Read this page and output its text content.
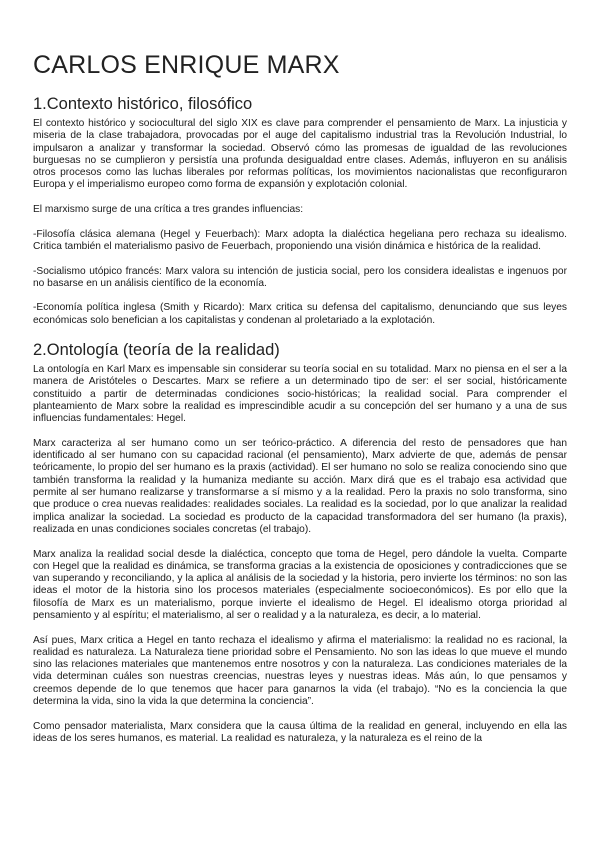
CARLOS ENRIQUE MARX
1.Contexto histórico, filosófico

El contexto histórico y sociocultural del siglo XIX es clave para comprender el pensamiento de Marx. La injusticia y miseria de la clase trabajadora, provocadas por el auge del capitalismo industrial tras la Revolución Industrial, lo impulsaron a analizar y transformar la sociedad. Observó cómo las promesas de igualdad de las revoluciones burguesas no se cumplieron y persistía una profunda desigualdad entre clases. Además, influyeron en su análisis otros procesos como las luchas liberales por reformas políticas, los movimientos nacionalistas que reconfiguraron Europa y el imperialismo europeo como forma de expansión y explotación colonial.

El marxismo surge de una crítica a tres grandes influencias:

-Filosofía clásica alemana (Hegel y Feuerbach): Marx adopta la dialéctica hegeliana pero rechaza su idealismo. Critica también el materialismo pasivo de Feuerbach, proponiendo una visión dinámica e histórica de la realidad.

-Socialismo utópico francés: Marx valora su intención de justicia social, pero los considera idealistas e ingenuos por no basarse en un análisis científico de la economía.

-Economía política inglesa (Smith y Ricardo): Marx critica su defensa del capitalismo, denunciando que sus leyes económicas solo benefician a los capitalistas y condenan al proletariado a la explotación.

2.Ontología (teoría de la realidad)

La ontología en Karl Marx es impensable sin considerar su teoría social en su totalidad. Marx no piensa en el ser a la manera de Aristóteles o Descartes. Marx se refiere a un determinado tipo de ser: el ser social, históricamente constituido a partir de determinadas condiciones socio-históricas; la realidad social. Para comprender el planteamiento de Marx sobre la realidad es imprescindible acudir a su concepción del ser humano y a una de sus influencias fundamentales: Hegel.

Marx caracteriza al ser humano como un ser teórico-práctico. A diferencia del resto de pensadores que han identificado al ser humano con su capacidad racional (el pensamiento), Marx advierte de que, además de pensar teóricamente, lo propio del ser humano es la praxis (actividad). El ser humano no solo se realiza conociendo sino que también transforma la realidad y la humaniza mediante su acción. Marx dirá que es el trabajo esa actividad que permite al ser humano realizarse y transformarse a sí mismo y a la realidad. Pero la praxis no solo transforma, sino que produce o crea nuevas realidades: realidades sociales. La realidad es la sociedad, por lo que analizar la realidad implica analizar la sociedad. La sociedad es producto de la capacidad transformadora del ser humano (la praxis), realizada en unas condiciones sociales concretas (el trabajo).

Marx analiza la realidad social desde la dialéctica, concepto que toma de Hegel, pero dándole la vuelta. Comparte con Hegel que la realidad es dinámica, se transforma gracias a la existencia de oposiciones y contradicciones que se van superando y reconciliando, y la aplica al análisis de la sociedad y la historia, pero invierte los términos: no son las ideas el motor de la historia sino los procesos materiales (especialmente socioeconómicos). Es por ello que la filosofía de Marx es un materialismo, porque invierte el idealismo de Hegel. El idealismo otorga prioridad al pensamiento y al espíritu; el materialismo, al ser o realidad y a la naturaleza, es decir, a lo material.

Así pues, Marx critica a Hegel en tanto rechaza el idealismo y afirma el materialismo: la realidad no es racional, la realidad es naturaleza. La Naturaleza tiene prioridad sobre el Pensamiento. No son las ideas lo que mueve el mundo sino las relaciones materiales que mantenemos entre nosotros y con la naturaleza. Las condiciones materiales de la vida determinan cuáles son nuestras creencias, nuestras leyes y nuestras ideas. Más aún, lo que pensamos y creemos depende de lo que tenemos que hacer para ganarnos la vida (el trabajo). “No es la conciencia la que determina la vida, sino la vida la que determina la conciencia”.

Como pensador materialista, Marx considera que la causa última de la realidad en general, incluyendo en ella las ideas de los seres humanos, es material. La realidad es naturaleza, y la naturaleza es el reino de la
